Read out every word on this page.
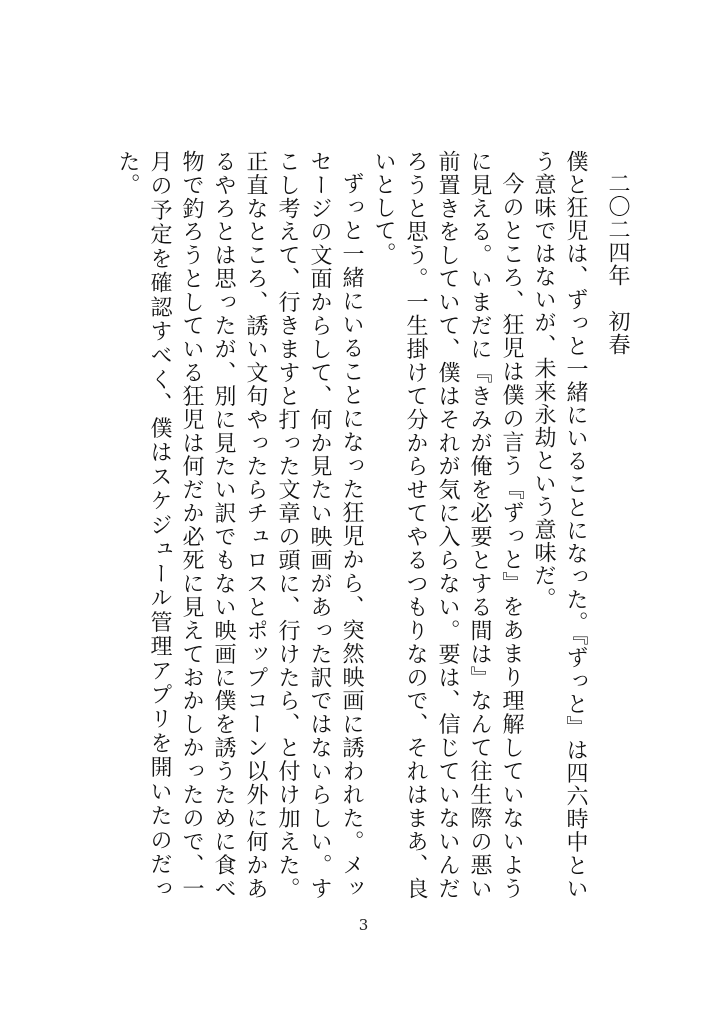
二〇二四年　初春

僕と狂児は、ずっと一緒にいることになった。『ずっと』は四六時中という意味ではないが、未来永劫という意味だ。

今のところ、狂児は僕の言う『ずっと』をあまり理解していないように見える。いまだに『きみが俺を必要とする間は』なんて往生際の悪い前置きをしていて、僕はそれが気に入らない。要は、信じていないんだろうと思う。一生掛けて分からせてやるつもりなので、それはまあ、良いとして。

ずっと一緒にいることになった狂児から、突然映画に誘われた。メッセージの文面からして、何か見たい映画があった訳ではないらしい。すこし考えて、行きますと打った文章の頭に、行けたら、と付け加えた。正直なところ、誘い文句やったらチュロスとポップコーン以外に何かあるやろとは思ったが、別に見たい訳でもない映画に僕を誘うために食べ物で釣ろうとしている狂児は何だか必死に見えておかしかったので、一月の予定を確認すべく、僕はスケジュール管理アプリを開いたのだった。

3
